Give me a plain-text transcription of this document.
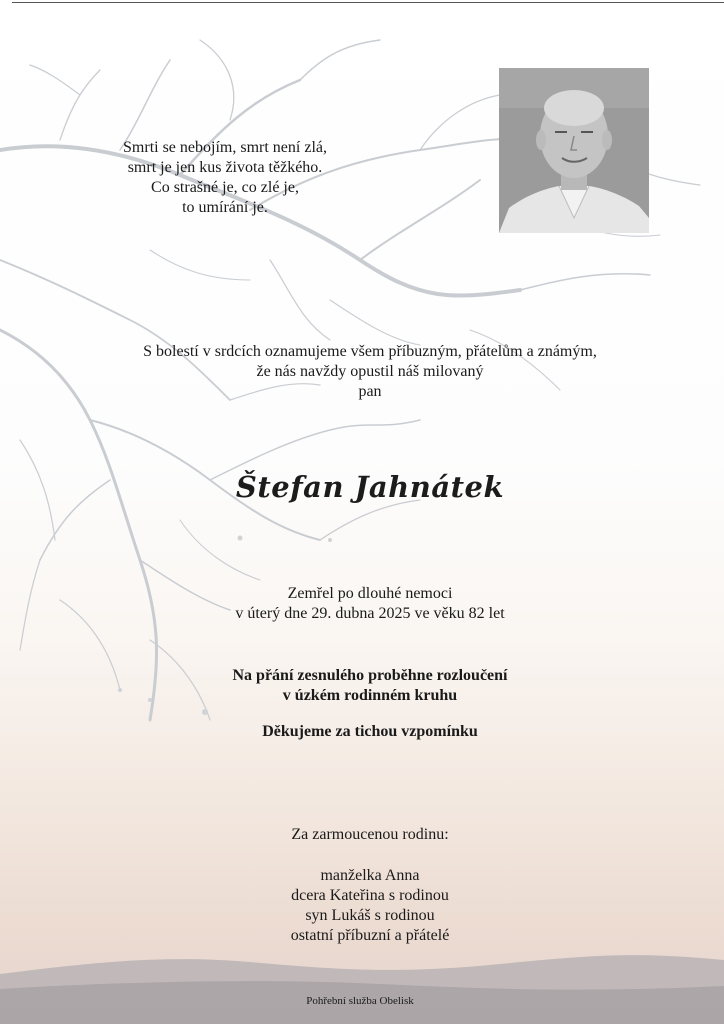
Smrti se nebojím, smrt není zlá,
smrt je jen kus života těžkého.
Co strašné je, co zlé je,
to umírání je.
S bolestí v srdcích oznamujeme všem příbuzným, přátelům a známým,
že nás navždy opustil náš milovaný
pan
Štefan Jahnátek
Zemřel po dlouhé nemoci
v úterý dne 29. dubna 2025 ve věku 82 let
Na přání zesnulého proběhne rozloučení
v úzkém rodinném kruhu
Děkujeme za tichou vzpomínku
Za zarmoucenou rodinu:
manželka Anna
dcera Kateřina s rodinou
syn Lukáš s rodinou
ostatní příbuzní a přátelé
Pohřební služba Obelisk
